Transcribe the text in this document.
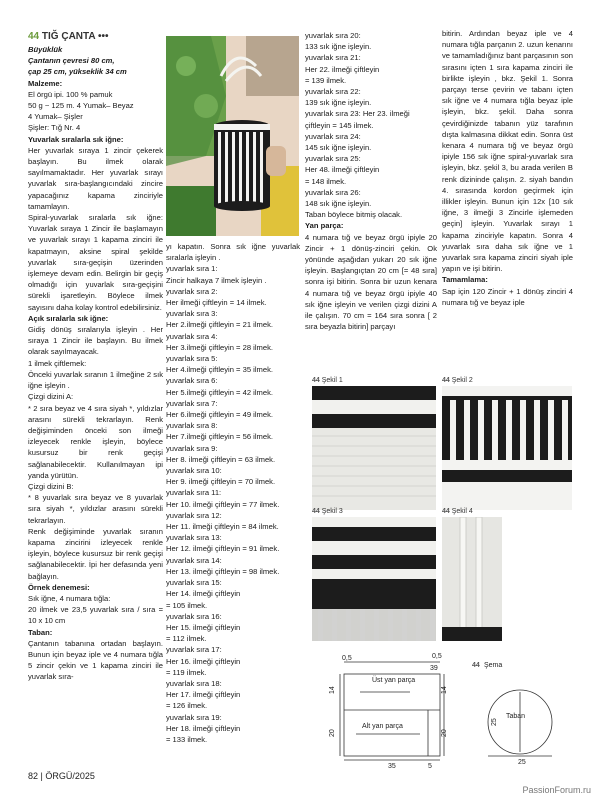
44 TIĞ ÇANTA •••

Büyüklük

Çantanın çevresi 80 cm,

çap 25 cm, yükseklik 34 cm

Malzeme:

El örgü ipi. 100 % pamuk

50 g ~ 125 m. 4 Yumak– Beyaz

4 Yumak– Şişler

Şişler: Tığ Nr. 4

Yuvarlak sıralarla sık iğne:

Her yuvarlak sıraya 1 zincir çekerek başlayın. Bu ilmek olarak sayılmamaktadır. Her yuvarlak sırayı yuvarlak sıra-başlangıcındaki zincire yapacağınız kapama zinciriyle tamamlayın.

Spiral-yuvarlak sıralarla sık iğne: Yuvarlak sıraya 1 Zincir ile başlamayın ve yuvarlak sırayı 1 kapama zinciri ile kapatmayın, aksine spiral şekilde yuvarlak sıra-geçişin üzerinden işlemeye devam edin. Belirgin bir geçiş olmadığı için yuvarlak sıra-geçişini sürekli işaretleyin. Böylece ilmek sayısını daha kolay kontrol edebilirsiniz.

Açık sıralarla sık iğne:

Gidiş dönüş sıralarıyla işleyin . Her sıraya 1 Zincir ile başlayın. Bu ilmek olarak sayılmayacak.

1 ilmek çiftlemek:

Önceki yuvarlak sıranın 1 ilmeğine 2 sık iğne işleyin .

Çizgi dizini A:

* 2 sıra beyaz ve 4 sıra siyah *, yıldızlar arasını sürekli tekrarlayın. Renk değişiminden önceki son ilmeği izleyecek renkle işleyin, böylece kusursuz bir renk geçişi sağlanabilecektir. Kullanılmayan ipi yanda yürütün.

Çizgi dizini B:

* 8 yuvarlak sıra beyaz ve 8 yuvarlak sıra siyah *, yıldızlar arasını sürekli tekrarlayın.

Renk değişiminde yuvarlak sıranın kapama zincirini izleyecek renkle işleyin, böylece kusursuz bir renk geçişi sağlanabilecektir. İpi her defasında yeni bağlayın.

Örnek denemesi:

Sık iğne, 4 numara tığla:

20 ilmek ve 23,5 yuvarlak sıra / sıra = 10 x 10 cm

Taban:

Çantanın tabanına ortadan başlayın. Bunun için beyaz iple ve 4 numara tığla 5 zincir çekin ve 1 kapama zinciri ile yuvarlak sıra-

yı kapatın. Sonra sık iğne yuvarlak sıralarla işleyin .

yuvarlak sıra 1:

Zincir halkaya 7 ilmek işleyin .

yuvarlak sıra 2:

Her ilmeği çiftleyin = 14 ilmek.

yuvarlak sıra 3:

Her 2.ilmeği çiftleyin = 21 ilmek.

yuvarlak sıra 4:

Her 3.ilmeği çiftleyin = 28 ilmek.

yuvarlak sıra 5:

Her 4.ilmeği çiftleyin = 35 ilmek.

yuvarlak sıra 6:

Her 5.ilmeği çiftleyin = 42 ilmek.

yuvarlak sıra 7:

Her 6.ilmeği çiftleyin = 49 ilmek.

yuvarlak sıra 8:

Her 7.ilmeği çiftleyin = 56 ilmek.

yuvarlak sıra 9:

Her 8. ilmeği çiftleyin = 63 ilmek.

yuvarlak sıra 10:

Her 9. ilmeği çiftleyin = 70 ilmek.

yuvarlak sıra 11:

Her 10. ilmeği çiftleyin = 77 ilmek.

yuvarlak sıra 12:

Her 11. ilmeği çiftleyin = 84 ilmek.

yuvarlak sıra 13:

Her 12. ilmeği çiftleyin = 91 ilmek.

yuvarlak sıra 14:

Her 13. ilmeği çiftleyin = 98 ilmek.

yuvarlak sıra 15:

Her 14. ilmeği çiftleyin

= 105 ilmek.

yuvarlak sıra 16:

Her 15. ilmeği çiftleyin

= 112 ilmek.

yuvarlak sıra 17:

Her 16. ilmeği çiftleyin

= 119 ilmek.

yuvarlak sıra 18:

Her 17. ilmeği çiftleyin

= 126 ilmek.

yuvarlak sıra 19:

Her 18. ilmeği çiftleyin

= 133 ilmek.

yuvarlak sıra 20:

133 sık iğne işleyin.

yuvarlak sıra 21:

Her 22. ilmeği çiftleyin

= 139 ilmek.

yuvarlak sıra 22:

139 sık iğne işleyin.

yuvarlak sıra 23: Her 23. ilmeği çiftleyin = 145 ilmek.

yuvarlak sıra 24:

145 sık iğne işleyin.

yuvarlak sıra 25:

Her 48. ilmeği çiftleyin

= 148 ilmek.

yuvarlak sıra 26:

148 sık iğne işleyin.

Taban böylece bitmiş olacak.

Yan parça:

4 numara tığ ve beyaz örgü ipiyle 20 Zincir + 1 dönüş-zinciri çekin. Ok yönünde aşağıdan yukarı 20 sık iğne işleyin. Başlangıçtan 20 cm [= 48 sıra] sonra işi bitirin. Sonra bir uzun kenara 4 numara tığ ve beyaz örgü ipiyle 40 sık iğne işleyin ve verilen çizgi dizini A ile çalışın. 70 cm = 164 sıra sonra [ 2 sıra beyazla bitirin] parçayı

bitirin. Ardından beyaz iple ve 4 numara tığla parçanın 2. uzun kenarını ve tamamladığınız bant parçasının son sırasını içten 1 sıra kapama zinciri ile birlikte işleyin , bkz. Şekil 1. Sonra parçayı terse çevirin ve tabanı içten sık iğne ve 4 numara tığla beyaz iple işleyin, bkz. şekil. Daha sonra çevirdiğinizde tabanın yüz tarafının dışta kalmasına dikkat edin. Sonra üst kenara 4 numara tığ ve beyaz örgü ipiyle 156 sık iğne spiral-yuvarlak sıra işleyin, bkz. şekil 3, bu arada verilen B renk dizininde çalışın. 2. siyah bandın 4. sırasında kordon geçirmek için illikler işleyin. Bunun için 12x [10 sık iğne, 3 ilmeği 3 Zincirle işlemeden geçin] işleyin. Yuvarlak sırayı 1 kapama zinciriyle kapatın. Sonra 4 yuvarlak sıra daha sık iğne ve 1 yuvarlak sıra kapama zinciri siyah iple yapın ve işi bitirin.

Tamamlama:

Sap için 120 Zincir + 1 dönüş zinciri 4 numara tığ ve beyaz iple

44 Şekil 1	44 Şekil 2
44 Şekil 3	44 Şekil 4
0,5
39
0,5
14
20
14
20
35	5
Üst yan parça
Alt yan parça
44 Şema
Taban
25
25
82 | ÖRGÜ/2025
PassionForum.ru
